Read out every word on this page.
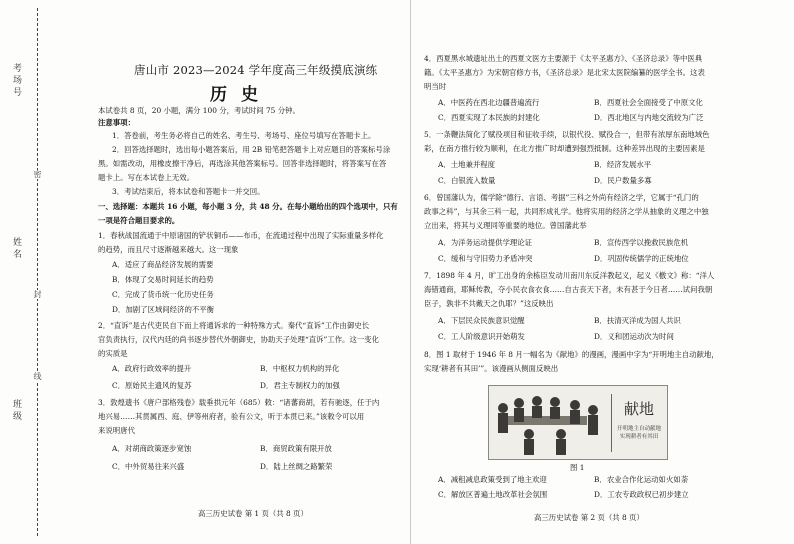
考
场
号
姓
名
班
级
密
封
线
唐山市 2023—2024 学年度高三年级摸底演练
历史
本试卷共 8 页，20 小题，满分 100 分，考试时间 75 分钟。
注意事项：
1．答卷前，考生务必将自己的姓名、考生号、考场号、座位号填写在答题卡上。
2．回答选择题时，选出每小题答案后，用 2B 铅笔把答题卡上对应题目的答案标号涂
黑。如需改动，用橡皮擦干净后，再选涂其他答案标号。回答非选择题时，将答案写在答
题卡上。写在本试卷上无效。
3．考试结束后，将本试卷和答题卡一并交回。
一、选择题：本题共 16 小题，每小题 3 分，共 48 分。在每小题给出的四个选项中，只有
一项是符合题目要求的。
1．春秋战国流通于中原诸国的铲状铜币——布币，在流通过程中出现了实际重量多样化
的趋势，而且尺寸逐渐越来越大。这一现象
A．适应了商品经济发展的需要
B．体现了交易时间延长的趋势
C．完成了货币统一化历史任务
D．加剧了区域间经济的不平衡
2．“直诉”是古代吏民自下而上将通诉求的一种特殊方式。秦代“直诉”工作由御史长
官负责执行，汉代内廷的尚书逐步替代外朝御史，协助天子处理“直诉”工作。这一变化
的实质是
A．政府行政效率的提升	B．中枢权力机构的异化
C．原始民主遗风的复苏	D．君主专制权力的加强
3．敦煌遗书《唐户部格残卷》载垂拱元年（685）敕：“诸蕃商胡，若有驰逐，任于内
地兴易……其贯属西、庭、伊等州府者，验有公文，听于本贯已来。”该敕令可以用
来说明唐代
A．对胡商政策逐步宽蚀	B．商贸政策有限开放
C．中外贸易往来兴盛	D．陆上丝绸之路繁荣
高三历史试卷 第 1 页（共 8 页）
4．西夏黑水城遗址出土的西夏文医方主要源于《太平圣惠方》、《圣济总录》等中医典
籍。《太平圣惠方》为宋朝官修方书，《圣济总录》是北宋太医院编纂的医学全书。这表
明当时
A．中医药在西北边疆普遍流行	B．西夏社会全面接受了中原文化
C．西夏实现了本民族的封建化	D．西北地区与内地交流较为广泛
5．一条鞭法简化了赋役项目和征收手续，以银代役、赋役合一，但带有浓厚东南地域色
彩，在南方推行较为顺利，在北方推广时却遭到强烈抵制。这种差异出现的主要因素是
A．土地兼并程度	B．经济发展水平
C．白银流入数量	D．民户数量多寡
6．曾国藩认为，儒学除“德行、言语、考据”三科之外尚有经济之学，它属于“孔门的
政事之科”，与其余三科一起，共同形成礼学。他将实用的经济之学从抽象的义理之中独
立出来，将其与义理同等重要的地位。曾国藩此举
A．为洋务运动提供学理论证	B．宣传西学以挽救民族危机
C．缓和与守旧势力矛盾冲突	D．巩固传统儒学的正统地位
7．1898 年 4 月，旷工出身的余栋臣发动川南川东反洋教起义，起义《檄文》称：“洋人
海错通商，耶稣传教，夺小民衣食衣食……自古丧天下者，未有甚于今日者……试问我朝
臣子，孰非不共戴天之仇耶？”这反映出
A．下层民众民族意识觉醒	B．扶清灭洋成为国人共识
C．工人阶级意识开始萌发	D．义和团运动次为时间
8．图 1 取材于 1946 年 8 月一幅名为《献地》的漫画，漫画中字为“开明地主自动献地，
实现‘耕者有其田’”。该漫画从侧面反映出
献地
开明地主自动献地
实现耕者有其田
图 1
A．减租减息政策受到了地主欢迎	B．农业合作化运动如火如荼
C．解放区普遍土地改革社会氛围	D．工农专政政权已初步建立
高三历史试卷 第 2 页（共 8 页）
